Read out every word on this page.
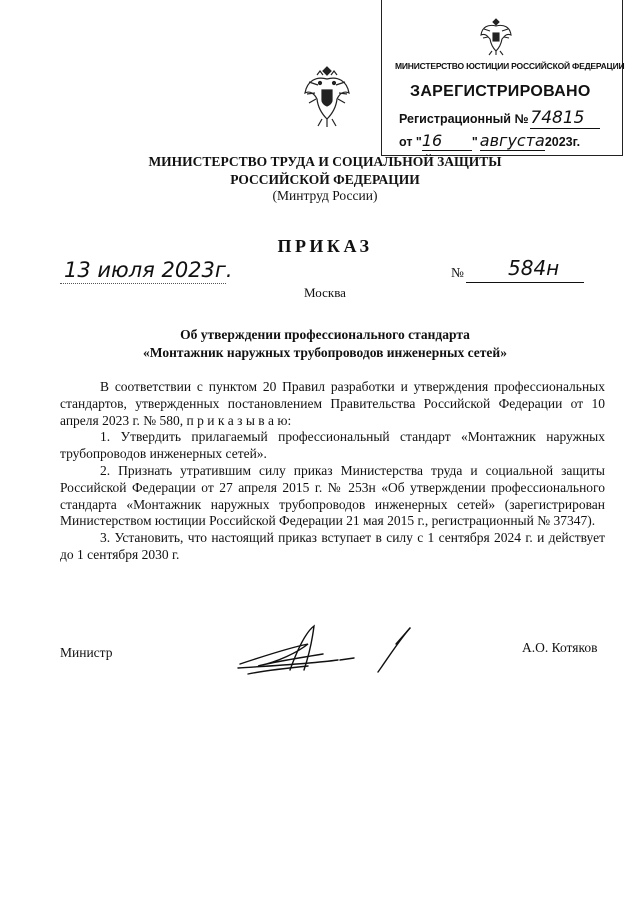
МИНИСТЕРСТВО ЮСТИЦИИ РОССИЙСКОЙ ФЕДЕРАЦИИ
ЗАРЕГИСТРИРОВАНО
Регистрационный № 74815
от "16 " августа2023г.
МИНИСТЕРСТВО ТРУДА И СОЦИАЛЬНОЙ ЗАЩИТЫ
РОССИЙСКОЙ ФЕДЕРАЦИИ
(Минтруд России)
ПРИКАЗ
13 июля 2023г.	№ 584н
Москва
Об утверждении профессионального стандарта
«Монтажник наружных трубопроводов инженерных сетей»

В соответствии с пунктом 20 Правил разработки и утверждения профессиональных стандартов, утвержденных постановлением Правительства Российской Федерации от 10 апреля 2023 г. № 580, п р и к а з ы в а ю:

1. Утвердить прилагаемый профессиональный стандарт «Монтажник наружных трубопроводов инженерных сетей».

2. Признать утратившим силу приказ Министерства труда и социальной защиты Российской Федерации от 27 апреля 2015 г. № 253н «Об утверждении профессионального стандарта «Монтажник наружных трубопроводов инженерных сетей» (зарегистрирован Министерством юстиции Российской Федерации 21 мая 2015 г., регистрационный № 37347).

3. Установить, что настоящий приказ вступает в силу с 1 сентября 2024 г. и действует до 1 сентября 2030 г.

Министр	А.О. Котяков
